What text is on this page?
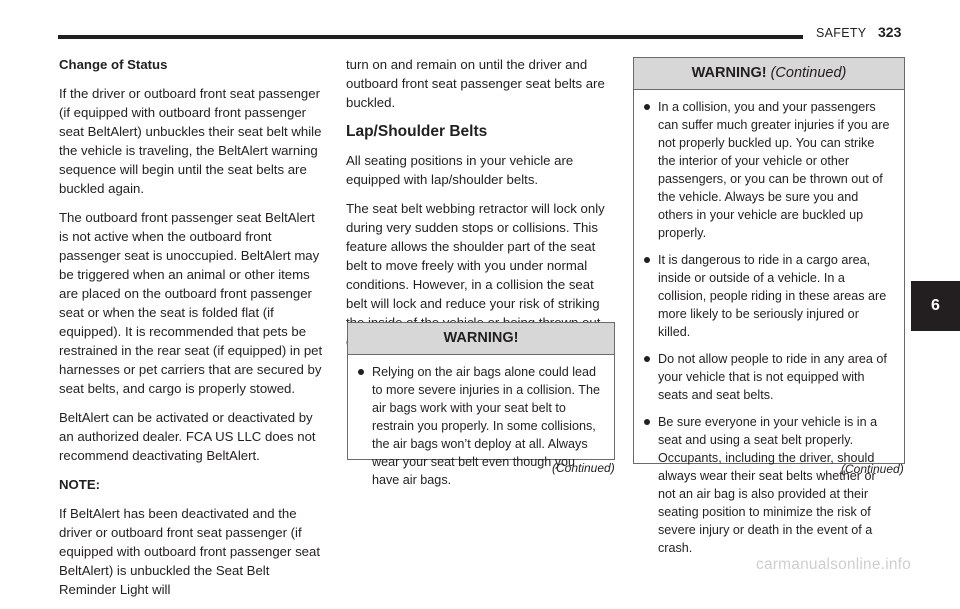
SAFETY 323

Change of Status

If the driver or outboard front seat passenger (if equipped with outboard front passenger seat BeltAlert) unbuckles their seat belt while the vehicle is traveling, the BeltAlert warning sequence will begin until the seat belts are buckled again.

The outboard front passenger seat BeltAlert is not active when the outboard front passenger seat is unoccupied. BeltAlert may be triggered when an animal or other items are placed on the outboard front passenger seat or when the seat is folded flat (if equipped). It is recommended that pets be restrained in the rear seat (if equipped) in pet harnesses or pet carriers that are secured by seat belts, and cargo is properly stowed.

BeltAlert can be activated or deactivated by an authorized dealer. FCA US LLC does not recommend deactivating BeltAlert.

NOTE:

If BeltAlert has been deactivated and the driver or outboard front seat passenger (if equipped with outboard front passenger seat BeltAlert) is unbuckled the Seat Belt Reminder Light will

turn on and remain on until the driver and outboard front seat passenger seat belts are buckled.

Lap/Shoulder Belts

All seating positions in your vehicle are equipped with lap/shoulder belts.

The seat belt webbing retractor will lock only during very sudden stops or collisions. This feature allows the shoulder part of the seat belt to move freely with you under normal conditions. However, in a collision the seat belt will lock and reduce your risk of striking

WARNING!
Relying on the air bags alone could lead to more severe injuries in a collision. The air bags work with your seat belt to restrain you properly. In some collisions, the air bags won’t deploy at all. Always wear your seat belt even though you have air bags.
(Continued)
WARNING! (Continued)
In a collision, you and your passengers can suffer much greater injuries if you are not properly buckled up. You can strike the interior of your vehicle or other passengers, or you can be thrown out of the vehicle. Always be sure you and others in your vehicle are buckled up properly.
It is dangerous to ride in a cargo area, inside or outside of a vehicle. In a collision, people riding in these areas are more likely to be seriously injured or killed.
Do not allow people to ride in any area of your vehicle that is not equipped with seats and seat belts.
Be sure everyone in your vehicle is in a seat and using a seat belt properly. Occupants, including the driver, should always wear their seat belts whether or not an air bag is also provided at their seating position to minimize the risk of severe injury or death in the event of a crash.
(Continued)
6
carmanualsonline.info
